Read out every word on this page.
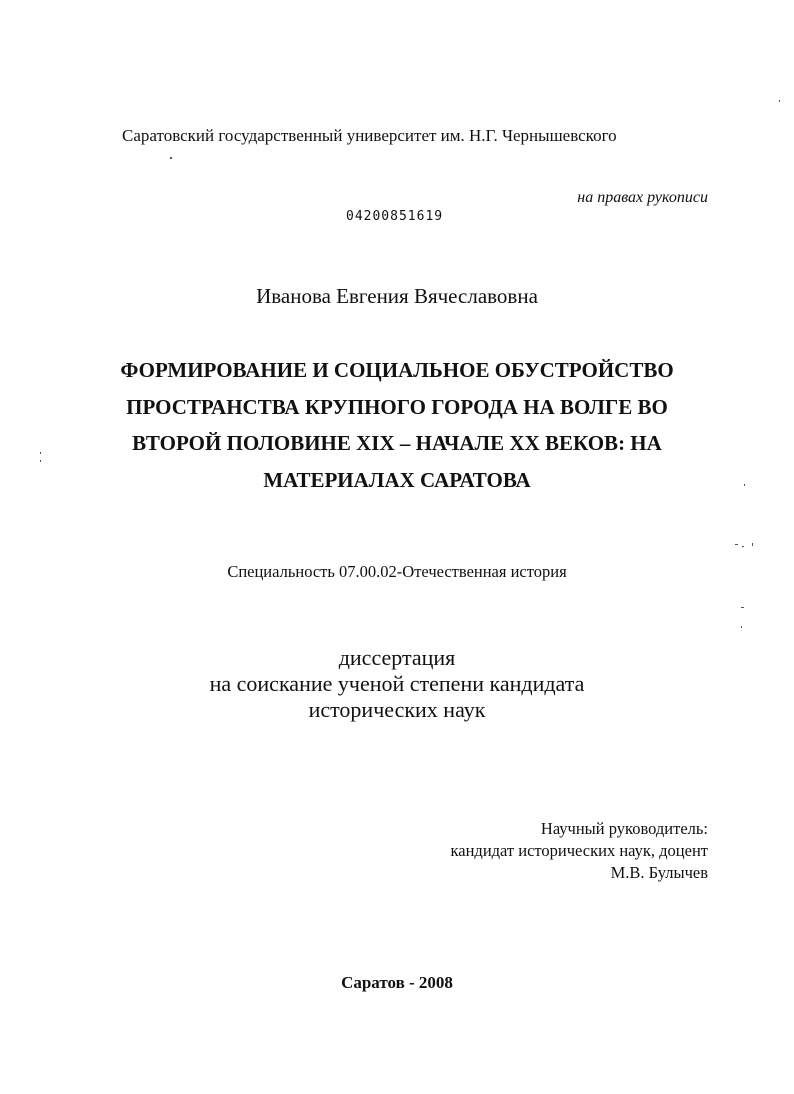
Саратовский государственный университет им. Н.Г. Чернышевского
на правах рукописи
04200851619
Иванова Евгения Вячеславовна
ФОРМИРОВАНИЕ И СОЦИАЛЬНОЕ ОБУСТРОЙСТВО
ПРОСТРАНСТВА КРУПНОГО ГОРОДА НА ВОЛГЕ ВО
ВТОРОЙ ПОЛОВИНЕ XIX – НАЧАЛЕ XX ВЕКОВ: НА
МАТЕРИАЛАХ САРАТОВА
Специальность 07.00.02-Отечественная история
диссертация
на соискание ученой степени кандидата
исторических наук
Научный руководитель:
кандидат исторических наук, доцент
М.В. Булычев
Саратов - 2008
